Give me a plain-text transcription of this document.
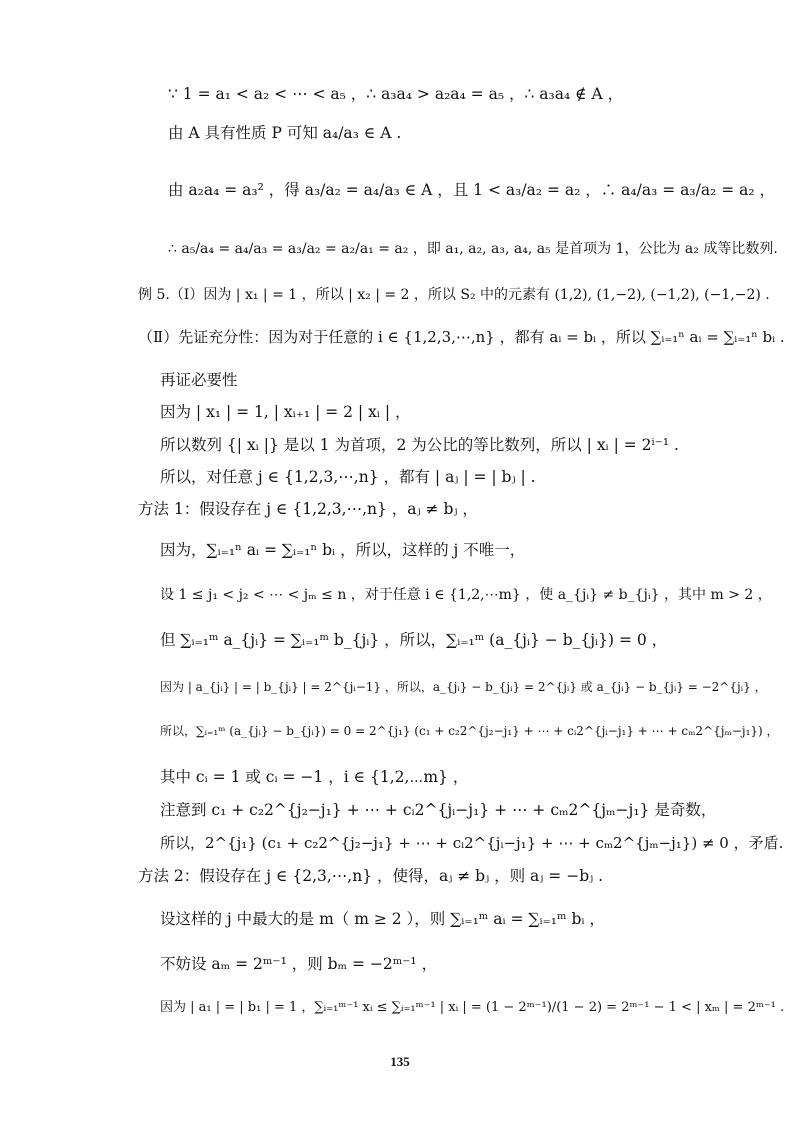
∵ 1 = a₁ < a₂ < ⋯ < a₅ ，∴ a₃a₄ > a₂a₄ = a₅ ，∴ a₃a₄ ∉ A ，
由 A 具有性质 P 可知 a₄/a₃ ∈ A .
由 a₂a₄ = a₃² ，得 a₃/a₂ = a₄/a₃ ∈ A ，且 1 < a₃/a₂ = a₂ ，∴ a₄/a₃ = a₃/a₂ = a₂ ，
∴ a₅/a₄ = a₄/a₃ = a₃/a₂ = a₂/a₁ = a₂ ，即 a₁, a₂, a₃, a₄, a₅ 是首项为 1，公比为 a₂ 成等比数列.
例 5.（Ⅰ）因为 | x₁ | = 1 ，所以 | x₂ | = 2 ，所以 S₂ 中的元素有 (1,2), (1,−2), (−1,2), (−1,−2) .
（Ⅱ）先证充分性：因为对于任意的 i ∈ {1,2,3,⋯,n} ，都有 aᵢ = bᵢ ，所以 ∑ᵢ₌₁ⁿ aᵢ = ∑ᵢ₌₁ⁿ bᵢ .
再证必要性
因为 | x₁ | = 1, | xᵢ₊₁ | = 2 | xᵢ | ，
所以数列 {| xᵢ |} 是以 1 为首项，2 为公比的等比数列，所以 | xᵢ | = 2ⁱ⁻¹ .
所以，对任意 j ∈ {1,2,3,⋯,n} ，都有 | aⱼ | = | bⱼ | .
方法 1：假设存在 j ∈ {1,2,3,⋯,n} ，aⱼ ≠ bⱼ ，
因为，∑ᵢ₌₁ⁿ aᵢ = ∑ᵢ₌₁ⁿ bᵢ ，所以，这样的 j 不唯一，
设 1 ≤ j₁ < j₂ < ⋯ < jₘ ≤ n ，对于任意 i ∈ {1,2,⋯m} ，使 a_{jᵢ} ≠ b_{jᵢ} ，其中 m > 2 ，
但 ∑ᵢ₌₁ᵐ a_{jᵢ} = ∑ᵢ₌₁ᵐ b_{jᵢ} ，所以，∑ᵢ₌₁ᵐ (a_{jᵢ} − b_{jᵢ}) = 0 ，
因为 | a_{jᵢ} | = | b_{jᵢ} | = 2^{jᵢ−1} ，所以，a_{jᵢ} − b_{jᵢ} = 2^{jᵢ} 或 a_{jᵢ} − b_{jᵢ} = −2^{jᵢ} ，
所以，∑ᵢ₌₁ᵐ (a_{jᵢ} − b_{jᵢ}) = 0 = 2^{j₁} (c₁ + c₂2^{j₂−j₁} + ⋯ + cᵢ2^{jᵢ−j₁} + ⋯ + cₘ2^{jₘ−j₁}) ，
其中 cᵢ = 1 或 cᵢ = −1 ，i ∈ {1,2,⋯m} ，
注意到 c₁ + c₂2^{j₂−j₁} + ⋯ + cᵢ2^{jᵢ−j₁} + ⋯ + cₘ2^{jₘ−j₁} 是奇数，
所以，2^{j₁} (c₁ + c₂2^{j₂−j₁} + ⋯ + cᵢ2^{jᵢ−j₁} + ⋯ + cₘ2^{jₘ−j₁}) ≠ 0 ，矛盾.
方法 2：假设存在 j ∈ {2,3,⋯,n} ，使得，aⱼ ≠ bⱼ ，则 aⱼ = −bⱼ .
设这样的 j 中最大的是 m（ m ≥ 2 ），则 ∑ᵢ₌₁ᵐ aᵢ = ∑ᵢ₌₁ᵐ bᵢ ，
不妨设 aₘ = 2ᵐ⁻¹ ，则 bₘ = −2ᵐ⁻¹ ，
因为 | a₁ | = | b₁ | = 1 ，∑ᵢ₌₁ᵐ⁻¹ xᵢ ≤ ∑ᵢ₌₁ᵐ⁻¹ | xᵢ | = (1 − 2ᵐ⁻¹)/(1 − 2) = 2ᵐ⁻¹ − 1 < | xₘ | = 2ᵐ⁻¹ .
135
